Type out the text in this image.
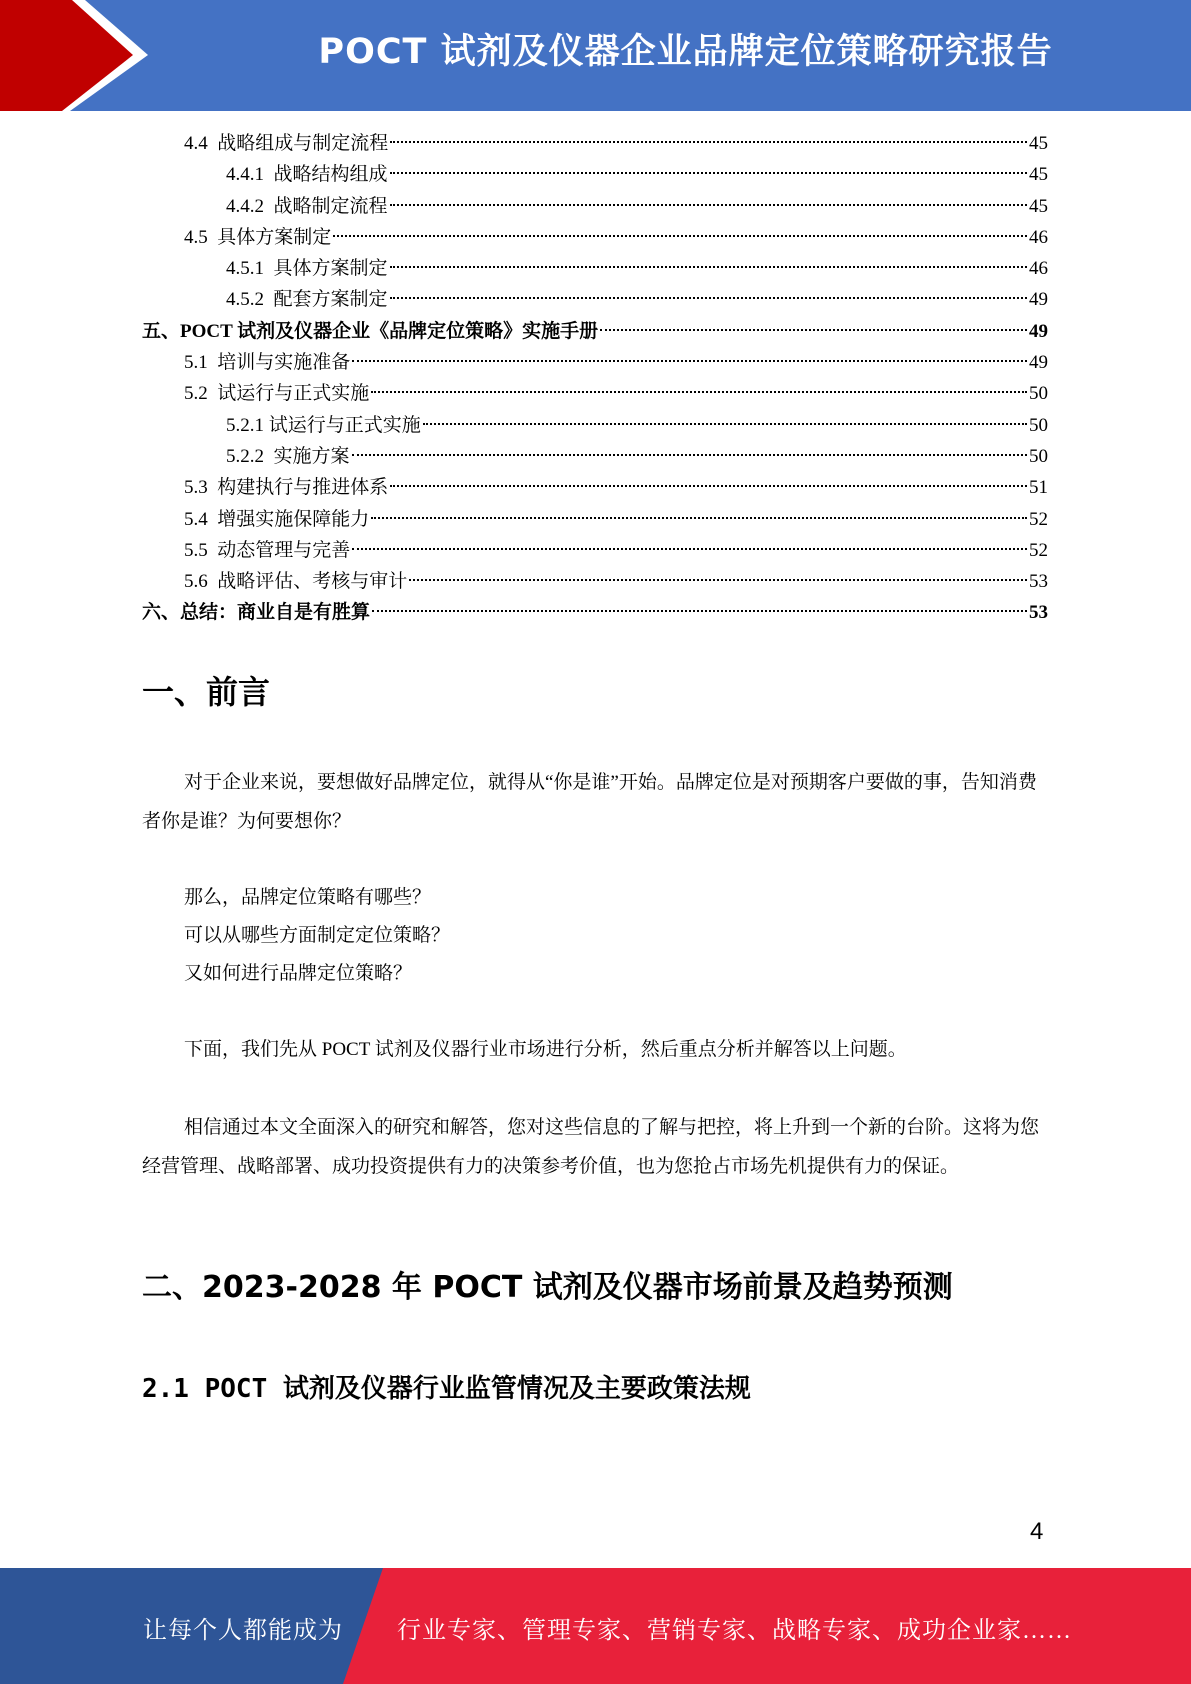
POCT 试剂及仪器企业品牌定位策略研究报告
4.4  战略组成与制定流程	45
4.4.1  战略结构组成	45
4.4.2  战略制定流程	45
4.5  具体方案制定	46
4.5.1  具体方案制定	46
4.5.2  配套方案制定	49
五、POCT 试剂及仪器企业《品牌定位策略》实施手册	49
5.1  培训与实施准备	49
5.2  试运行与正式实施	50
5.2.1 试运行与正式实施	50
5.2.2  实施方案	50
5.3  构建执行与推进体系	51
5.4  增强实施保障能力	52
5.5  动态管理与完善	52
5.6  战略评估、考核与审计	53
六、总结：商业自是有胜算	53
一、前言

对于企业来说，要想做好品牌定位，就得从“你是谁”开始。品牌定位是对预期客户要做的事，告知消费者你是谁？为何要想你？

那么，品牌定位策略有哪些？
可以从哪些方面制定定位策略？
又如何进行品牌定位策略？

下面，我们先从 POCT 试剂及仪器行业市场进行分析，然后重点分析并解答以上问题。

相信通过本文全面深入的研究和解答，您对这些信息的了解与把控，将上升到一个新的台阶。这将为您经营管理、战略部署、成功投资提供有力的决策参考价值，也为您抢占市场先机提供有力的保证。

二、2023-2028 年 POCT 试剂及仪器市场前景及趋势预测
2.1 POCT 试剂及仪器行业监管情况及主要政策法规
4
让每个人都能成为 行业专家、管理专家、营销专家、战略专家、成功企业家……
